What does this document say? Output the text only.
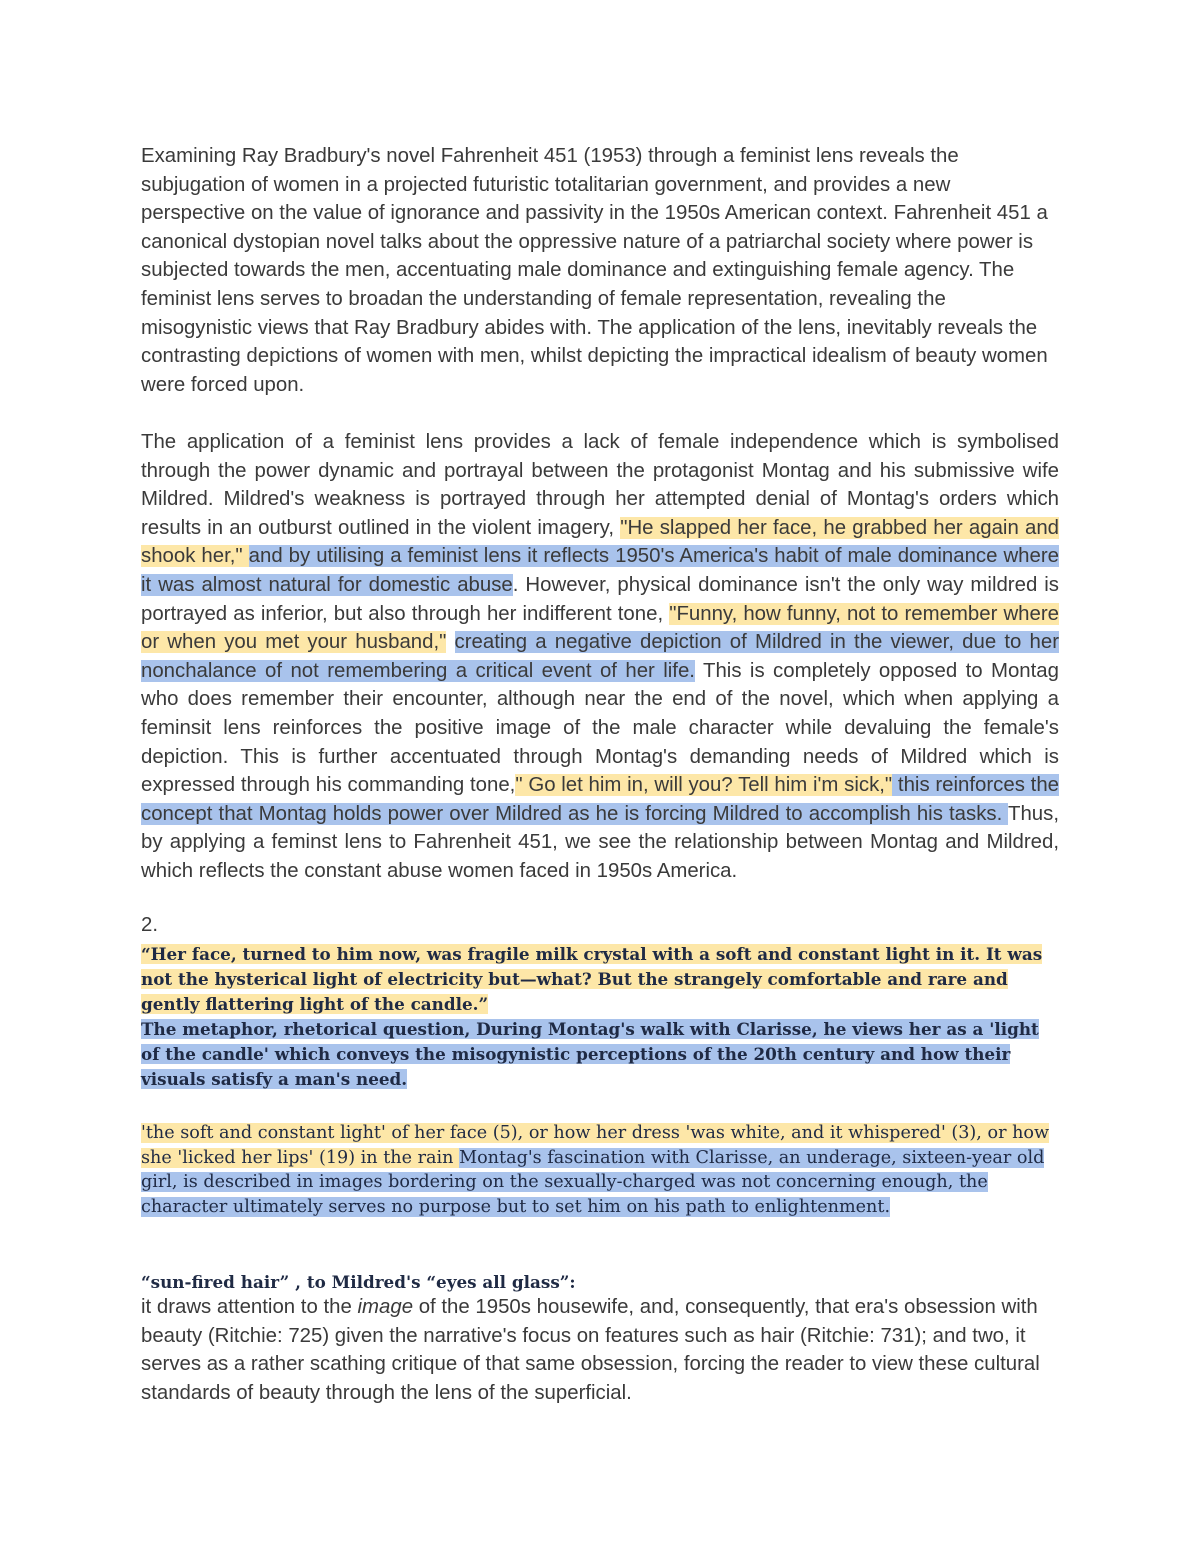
Examining Ray Bradbury's novel Fahrenheit 451 (1953) through a feminist lens reveals the subjugation of women in a projected futuristic totalitarian government, and provides a new perspective on the value of ignorance and passivity in the 1950s American context. Fahrenheit 451 a canonical dystopian novel talks about the oppressive nature of a patriarchal society where power is subjected towards the men, accentuating male dominance and extinguishing female agency. The feminist lens serves to broadan the understanding of female representation, revealing the misogynistic views that Ray Bradbury abides with. The application of the lens, inevitably reveals the contrasting depictions of women with men, whilst depicting the impractical idealism of beauty women were forced upon.

The application of a feminist lens provides a lack of female independence which is symbolised through the power dynamic and portrayal between the protagonist Montag and his submissive wife Mildred. Mildred's weakness is portrayed through her attempted denial of Montag's orders which results in an outburst outlined in the violent imagery, "He slapped her face, he grabbed her again and shook her," and by utilising a feminist lens it reflects 1950's America's habit of male dominance where it was almost natural for domestic abuse. However, physical dominance isn't the only way mildred is portrayed as inferior, but also through her indifferent tone, "Funny, how funny, not to remember where or when you met your husband," creating a negative depiction of Mildred in the viewer, due to her nonchalance of not remembering a critical event of her life. This is completely opposed to Montag who does remember their encounter, although near the end of the novel, which when applying a feminsit lens reinforces the positive image of the male character while devaluing the female's depiction. This is further accentuated through Montag's demanding needs of Mildred which is expressed through his commanding tone," Go let him in, will you? Tell him i'm sick," this reinforces the concept that Montag holds power over Mildred as he is forcing Mildred to accomplish his tasks. Thus, by applying a feminst lens to Fahrenheit 451, we see the relationship between Montag and Mildred, which reflects the constant abuse women faced in 1950s America.

2.

“Her face, turned to him now, was fragile milk crystal with a soft and constant light in it. It was not the hysterical light of electricity but—what? But the strangely comfortable and rare and gently flattering light of the candle.”

The metaphor, rhetorical question, During Montag's walk with Clarisse, he views her as a 'light of the candle' which conveys the misogynistic perceptions of the 20th century and how their visuals satisfy a man's need.

'the soft and constant light' of her face (5), or how her dress 'was white, and it whispered' (3), or how she 'licked her lips' (19) in the rain Montag's fascination with Clarisse, an underage, sixteen-year old girl, is described in images bordering on the sexually-charged was not concerning enough, the character ultimately serves no purpose but to set him on his path to enlightenment.

“sun-fired hair” , to Mildred's “eyes all glass”:

it draws attention to the image of the 1950s housewife, and, consequently, that era's obsession with beauty (Ritchie: 725) given the narrative's focus on features such as hair (Ritchie: 731); and two, it serves as a rather scathing critique of that same obsession, forcing the reader to view these cultural standards of beauty through the lens of the superficial.
